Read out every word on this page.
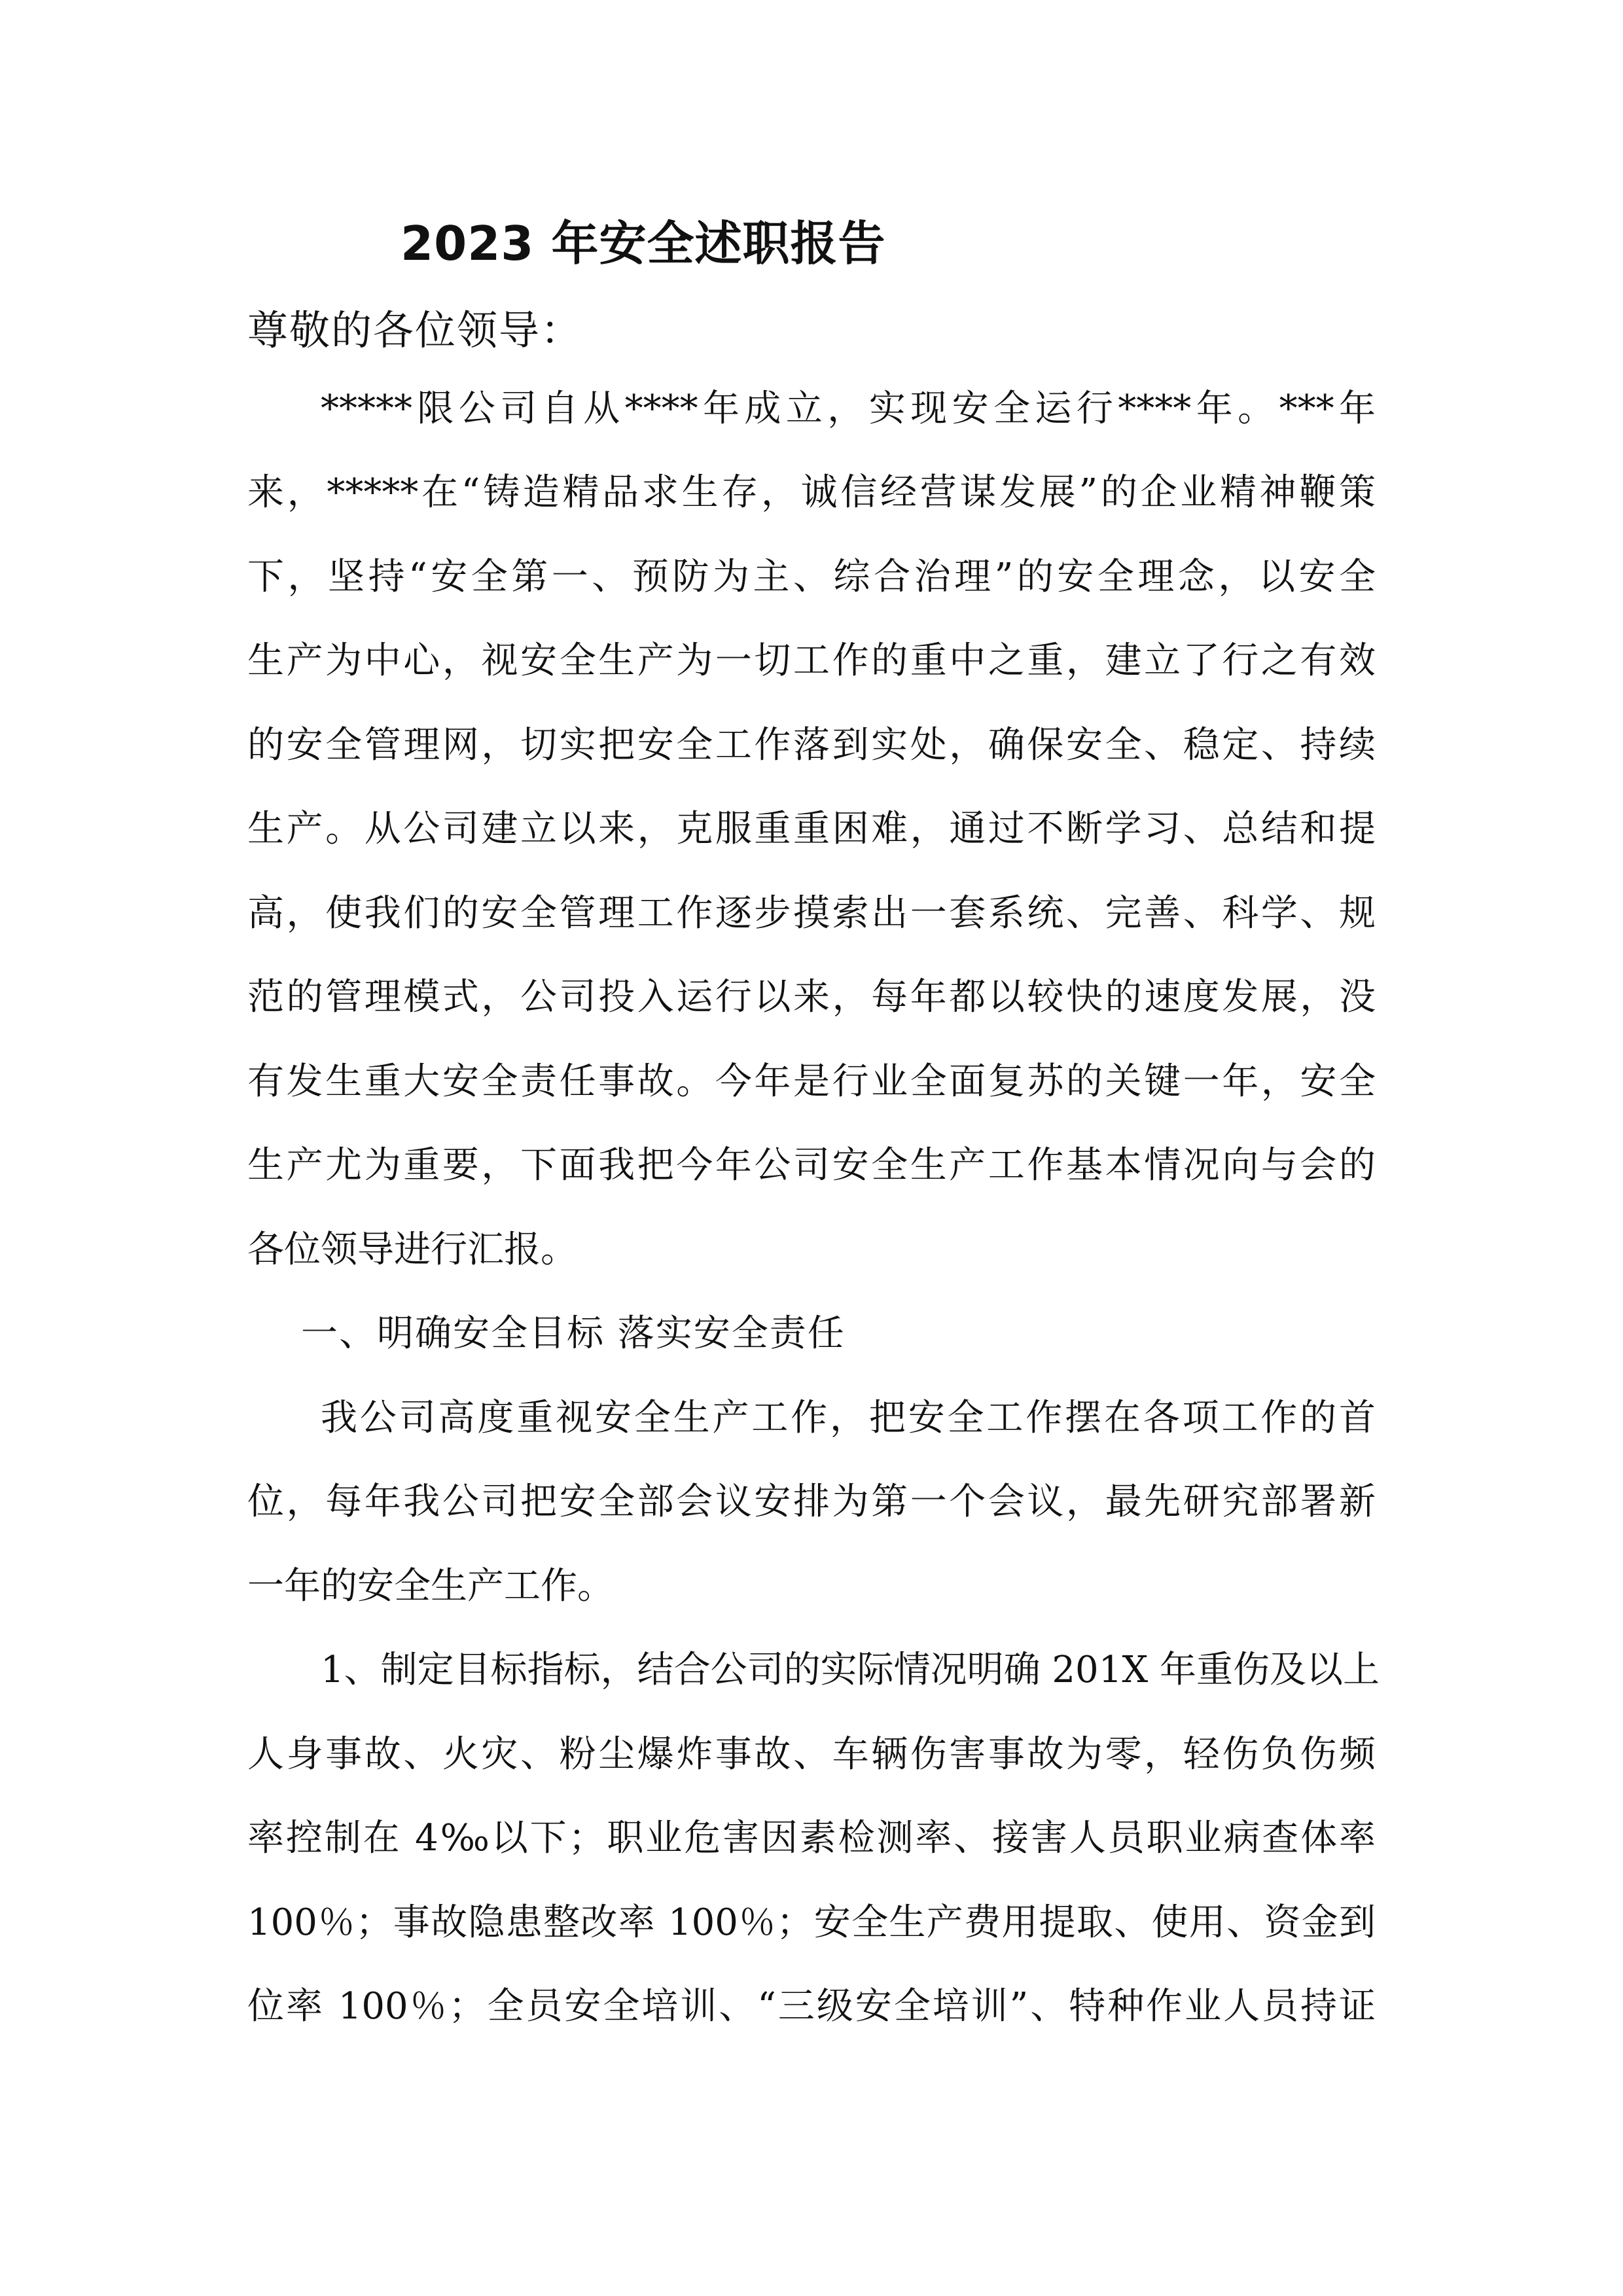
2023 年安全述职报告
尊敬的各位领导：
*****限公司自从****年成立，实现安全运行****年。***年
来，*****在“铸造精品求生存，诚信经营谋发展”的企业精神鞭策
下，坚持“安全第一、预防为主、综合治理”的安全理念，以安全
生产为中心，视安全生产为一切工作的重中之重，建立了行之有效
的安全管理网，切实把安全工作落到实处，确保安全、稳定、持续
生产。从公司建立以来，克服重重困难，通过不断学习、总结和提
高，使我们的安全管理工作逐步摸索出一套系统、完善、科学、规
范的管理模式，公司投入运行以来，每年都以较快的速度发展，没
有发生重大安全责任事故。今年是行业全面复苏的关键一年，安全
生产尤为重要，下面我把今年公司安全生产工作基本情况向与会的
各位领导进行汇报。
一、明确安全目标 落实安全责任
我公司高度重视安全生产工作，把安全工作摆在各项工作的首
位，每年我公司把安全部会议安排为第一个会议，最先研究部署新
一年的安全生产工作。
1、制定目标指标，结合公司的实际情况明确 201X 年重伤及以上
人身事故、火灾、粉尘爆炸事故、车辆伤害事故为零，轻伤负伤频
率控制在 4‰以下；职业危害因素检测率、接害人员职业病查体率
100％；事故隐患整改率 100％；安全生产费用提取、使用、资金到
位率 100％；全员安全培训、“三级安全培训”、特种作业人员持证
